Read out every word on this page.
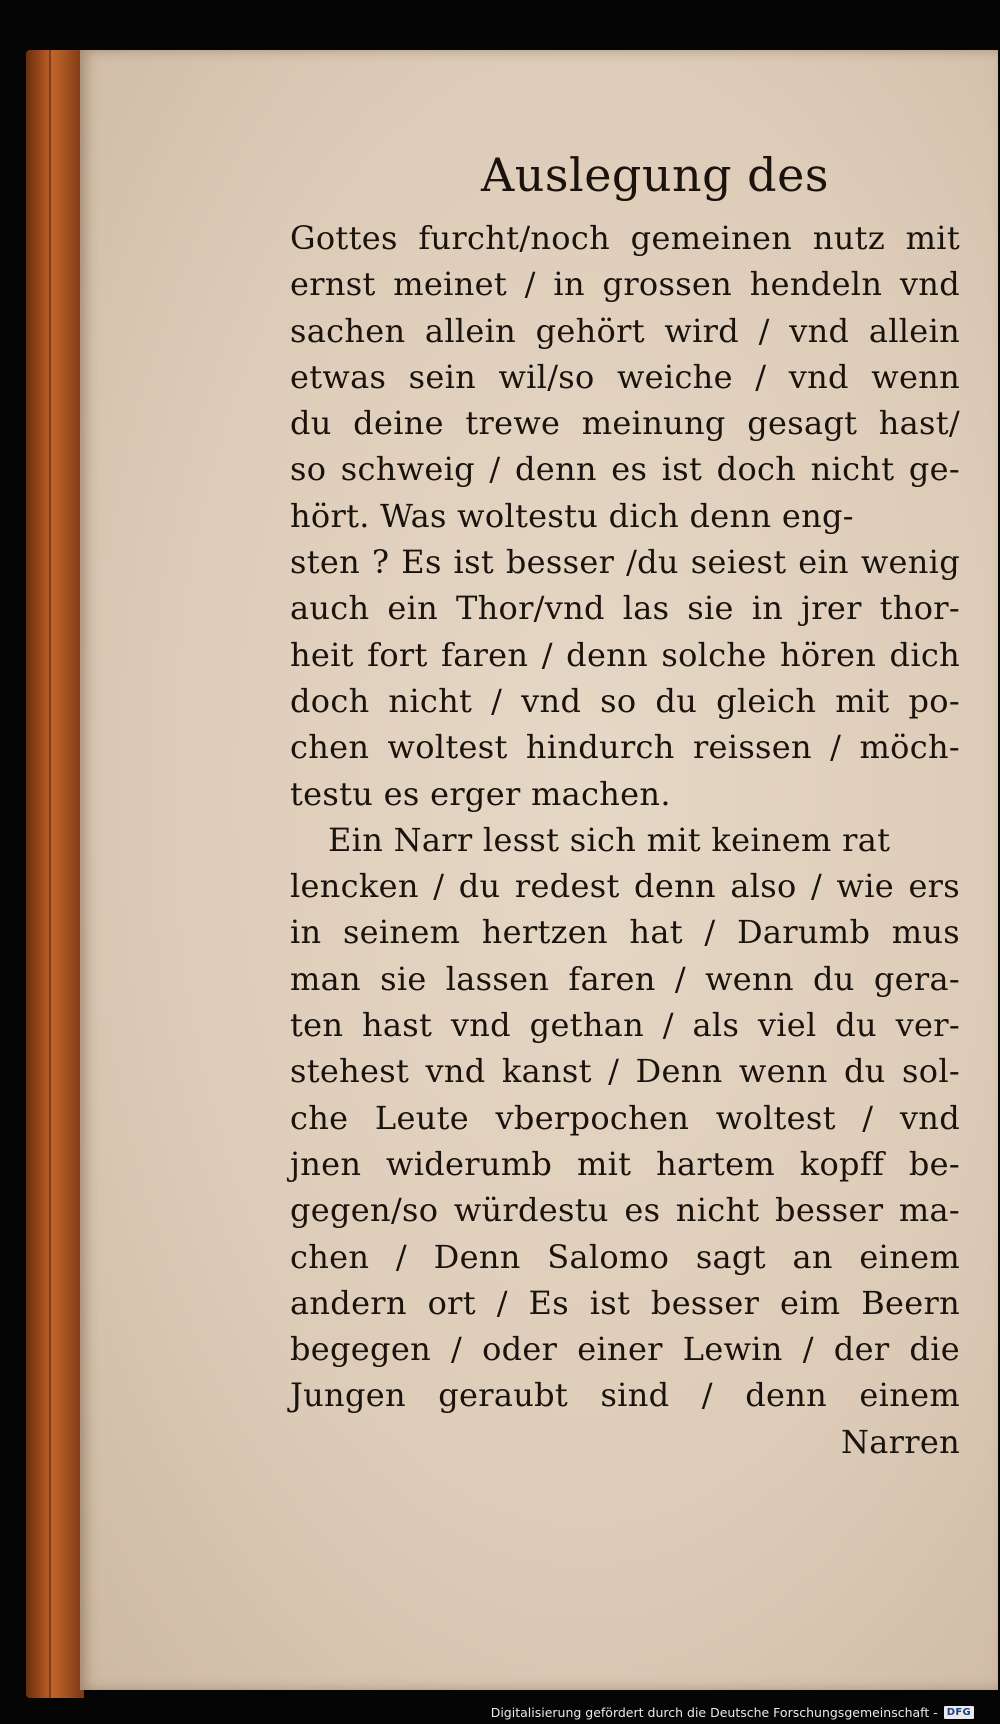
Auslegung des
Gottes furcht/noch gemeinen nutz mit
ernst meinet / in grossen hendeln vnd
sachen allein gehört wird / vnd allein
etwas sein wil/so weiche / vnd wenn
du deine trewe meinung gesagt hast/
so schweig / denn es ist doch nicht ge-
hört. Was woltestu dich denn eng-
sten ? Es ist besser /du seiest ein wenig
auch ein Thor/vnd las sie in jrer thor-
heit fort faren / denn solche hören dich
doch nicht / vnd so du gleich mit po-
chen woltest hindurch reissen / möch-
testu es erger machen.
Ein Narr lesst sich mit keinem rat
lencken / du redest denn also / wie ers
in seinem hertzen hat / Darumb mus
man sie lassen faren / wenn du gera-
ten hast vnd gethan / als viel du ver-
stehest vnd kanst / Denn wenn du sol-
che Leute vberpochen woltest / vnd
jnen widerumb mit hartem kopff be-
gegen/so würdestu es nicht besser ma-
chen / Denn Salomo sagt an einem
andern ort / Es ist besser eim Beern
begegen / oder einer Lewin / der die
Jungen geraubt sind / denn einem
Narren
Digitalisierung gefördert durch die Deutsche Forschungsgemeinschaft - DFG
